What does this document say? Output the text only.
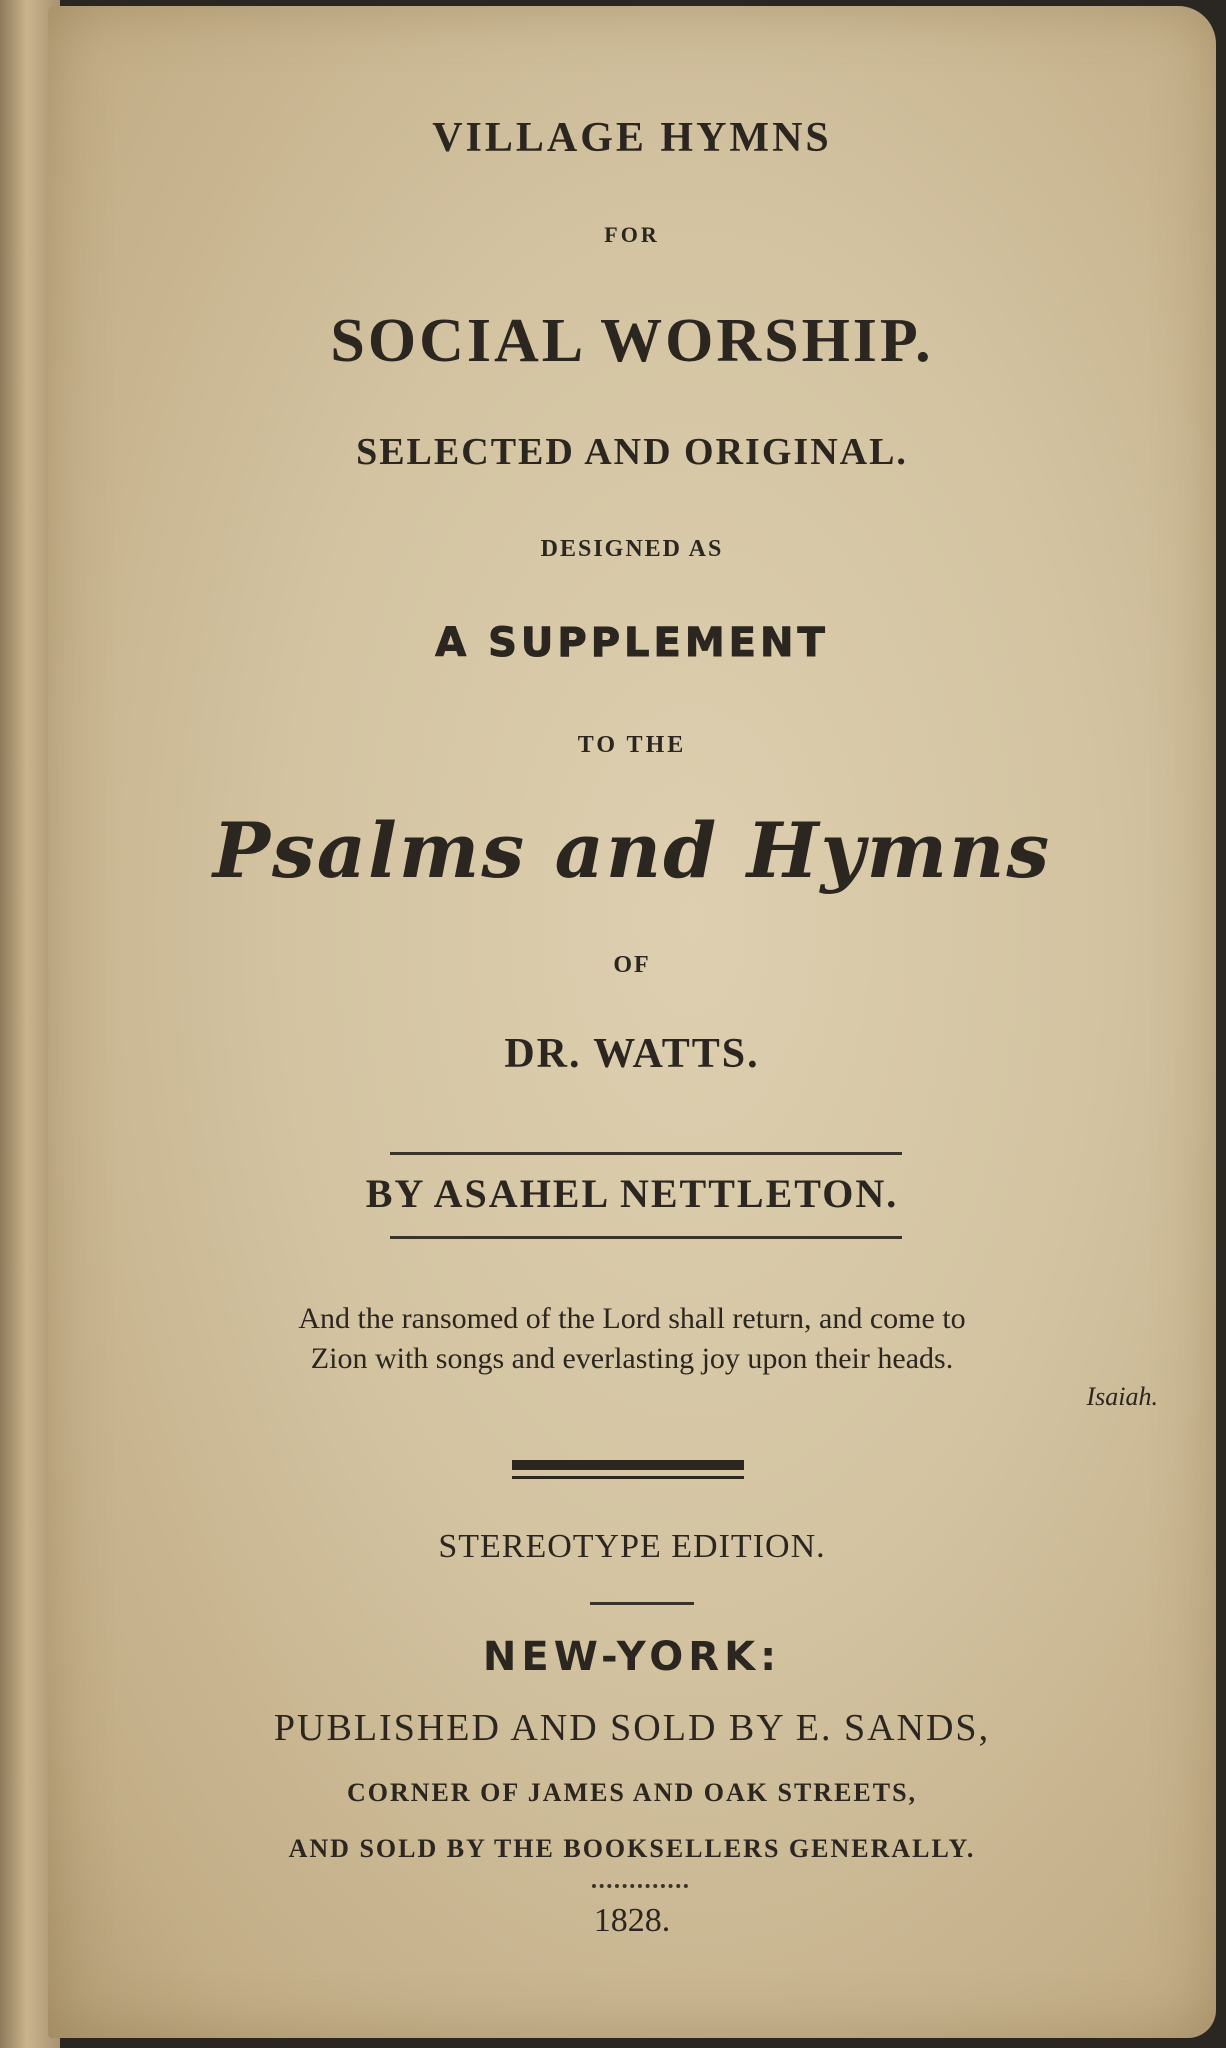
VILLAGE HYMNS
FOR
SOCIAL WORSHIP.
SELECTED AND ORIGINAL.
DESIGNED AS
A SUPPLEMENT
TO THE
Psalms and Hymns
OF
DR. WATTS.
BY ASAHEL NETTLETON.
And the ransomed of the Lord shall return, and come to
Zion with songs and everlasting joy upon their heads.
Isaiah.
STEREOTYPE EDITION.
NEW-YORK:
PUBLISHED AND SOLD BY E. SANDS,
CORNER OF JAMES AND OAK STREETS,
AND SOLD BY THE BOOKSELLERS GENERALLY.
1828.
